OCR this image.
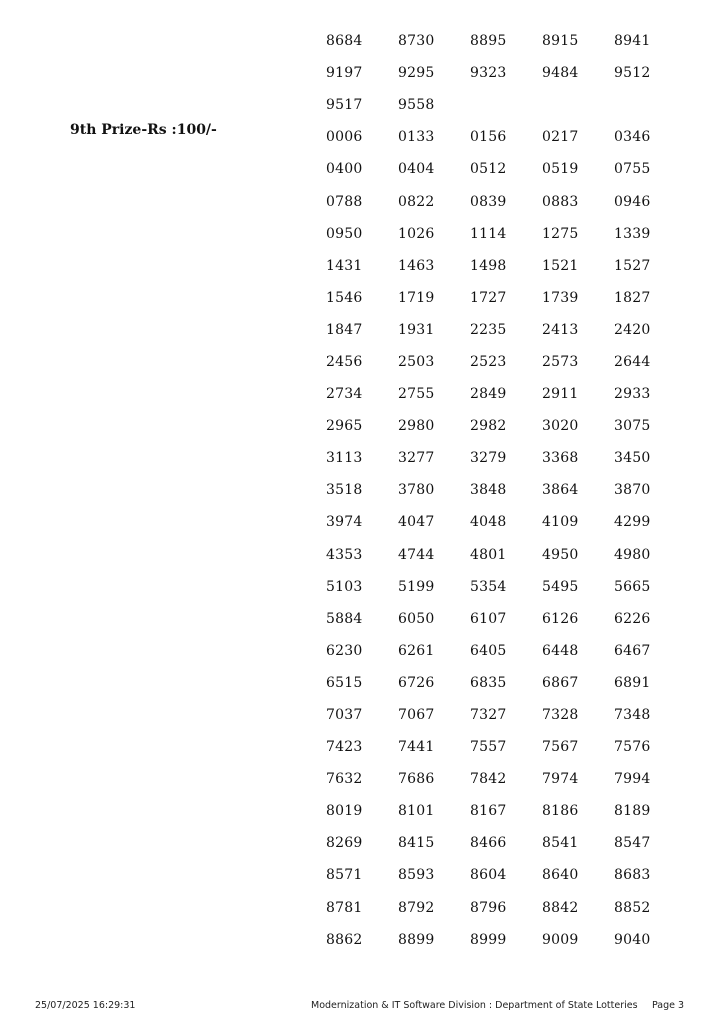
9th Prize-Rs :100/-
8684	8730	8895	8915	8941
9197	9295	9323	9484	9512
9517	9558
0006	0133	0156	0217	0346
0400	0404	0512	0519	0755
0788	0822	0839	0883	0946
0950	1026	1114	1275	1339
1431	1463	1498	1521	1527
1546	1719	1727	1739	1827
1847	1931	2235	2413	2420
2456	2503	2523	2573	2644
2734	2755	2849	2911	2933
2965	2980	2982	3020	3075
3113	3277	3279	3368	3450
3518	3780	3848	3864	3870
3974	4047	4048	4109	4299
4353	4744	4801	4950	4980
5103	5199	5354	5495	5665
5884	6050	6107	6126	6226
6230	6261	6405	6448	6467
6515	6726	6835	6867	6891
7037	7067	7327	7328	7348
7423	7441	7557	7567	7576
7632	7686	7842	7974	7994
8019	8101	8167	8186	8189
8269	8415	8466	8541	8547
8571	8593	8604	8640	8683
8781	8792	8796	8842	8852
8862	8899	8999	9009	9040
25/07/2025 16:29:31	Modernization & IT Software Division : Department of State Lotteries Page 3
